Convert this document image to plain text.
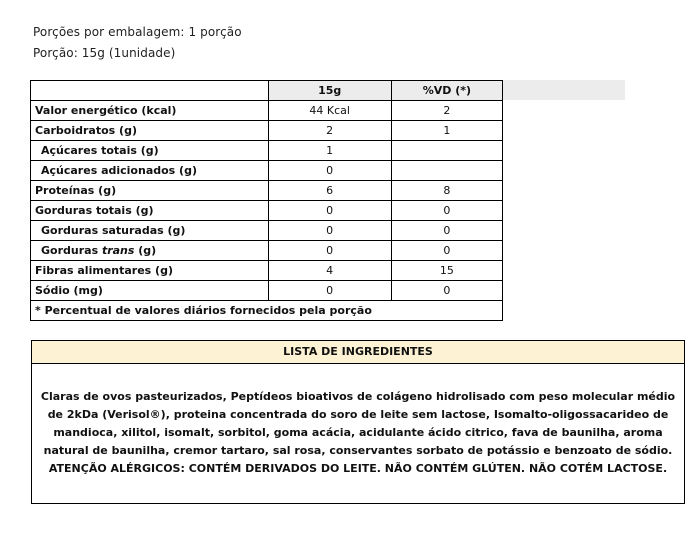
Porções por embalagem: 1 porção
Porção: 15g (1unidade)
	15g	%VD (*)
Valor energético (kcal)	44 Kcal	2
Carboidratos (g)	2	1
Açúcares totais (g)	1	
Açúcares adicionados (g)	0	
Proteínas (g)	6	8
Gorduras totais (g)	0	0
Gorduras saturadas (g)	0	0
Gorduras trans (g)	0	0
Fibras alimentares (g)	4	15
Sódio (mg)	0	0
* Percentual de valores diários fornecidos pela porção		
LISTA DE INGREDIENTES
Claras de ovos pasteurizados, Peptídeos bioativos de colágeno hidrolisado com peso molecular médio de 2kDa (Verisol®), proteina concentrada do soro de leite sem lactose, Isomalto-oligossacarideo de mandioca, xilitol, isomalt, sorbitol, goma acácia, acidulante ácido citrico, fava de baunilha, aroma natural de baunilha, cremor tartaro, sal rosa, conservantes sorbato de potássio e benzoato de sódio. ATENÇÃO ALÉRGICOS: CONTÉM DERIVADOS DO LEITE. NÃO CONTÉM GLÚTEN. NÃO COTÉM LACTOSE.
